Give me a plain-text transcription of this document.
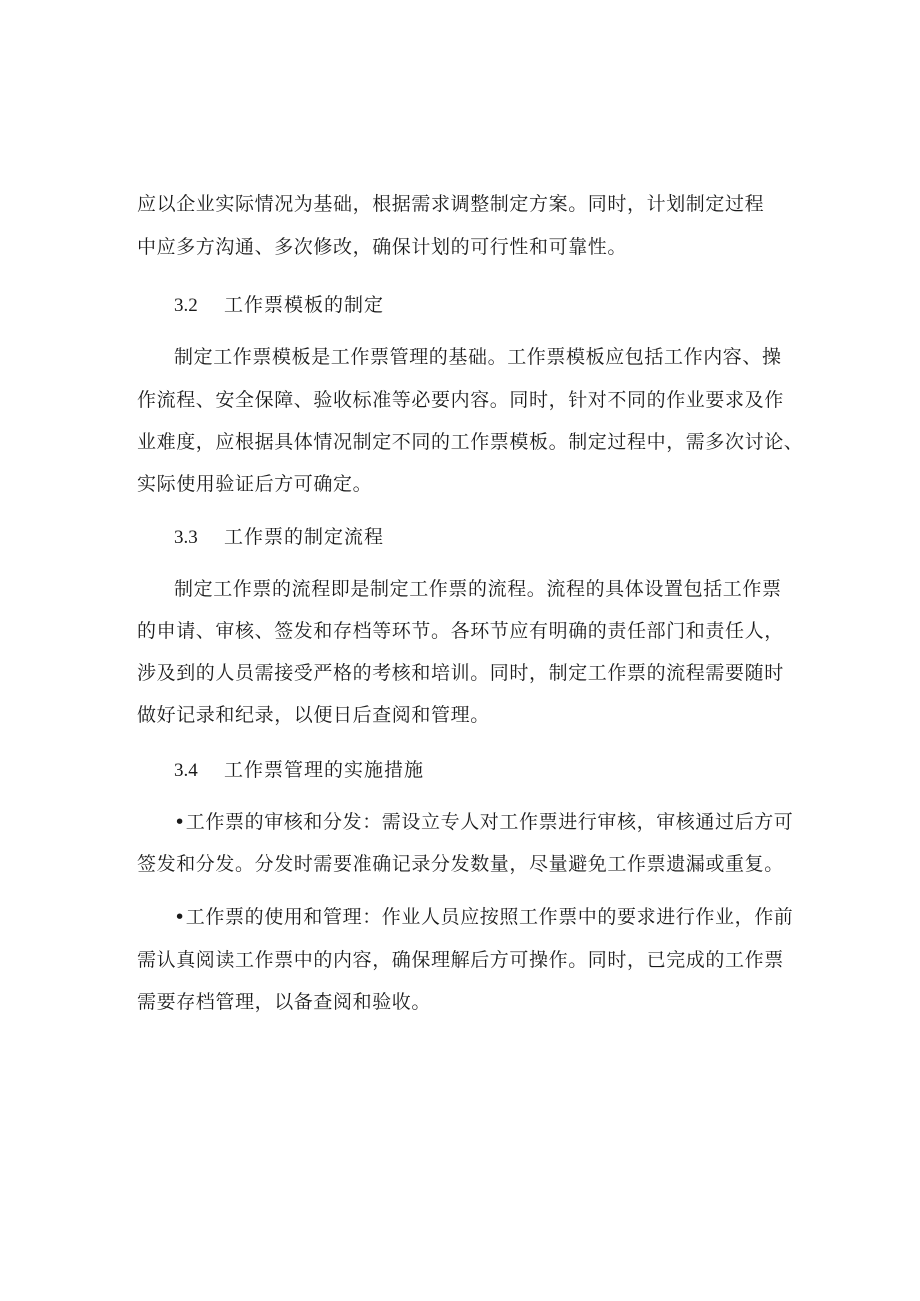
应以企业实际情况为基础，根据需求调整制定方案。同时，计划制定过程
中应多方沟通、多次修改，确保计划的可行性和可靠性。
3.2 工作票模板的制定
制定工作票模板是工作票管理的基础。工作票模板应包括工作内容、操
作流程、安全保障、验收标准等必要内容。同时，针对不同的作业要求及作
业难度，应根据具体情况制定不同的工作票模板。制定过程中，需多次讨论、
实际使用验证后方可确定。
3.3 工作票的制定流程
制定工作票的流程即是制定工作票的流程。流程的具体设置包括工作票
的申请、审核、签发和存档等环节。各环节应有明确的责任部门和责任人，
涉及到的人员需接受严格的考核和培训。同时，制定工作票的流程需要随时
做好记录和纪录，以便日后查阅和管理。
3.4 工作票管理的实施措施
•工作票的审核和分发：需设立专人对工作票进行审核，审核通过后方可
签发和分发。分发时需要准确记录分发数量，尽量避免工作票遗漏或重复。
•工作票的使用和管理：作业人员应按照工作票中的要求进行作业，作前
需认真阅读工作票中的内容，确保理解后方可操作。同时，已完成的工作票
需要存档管理，以备查阅和验收。
